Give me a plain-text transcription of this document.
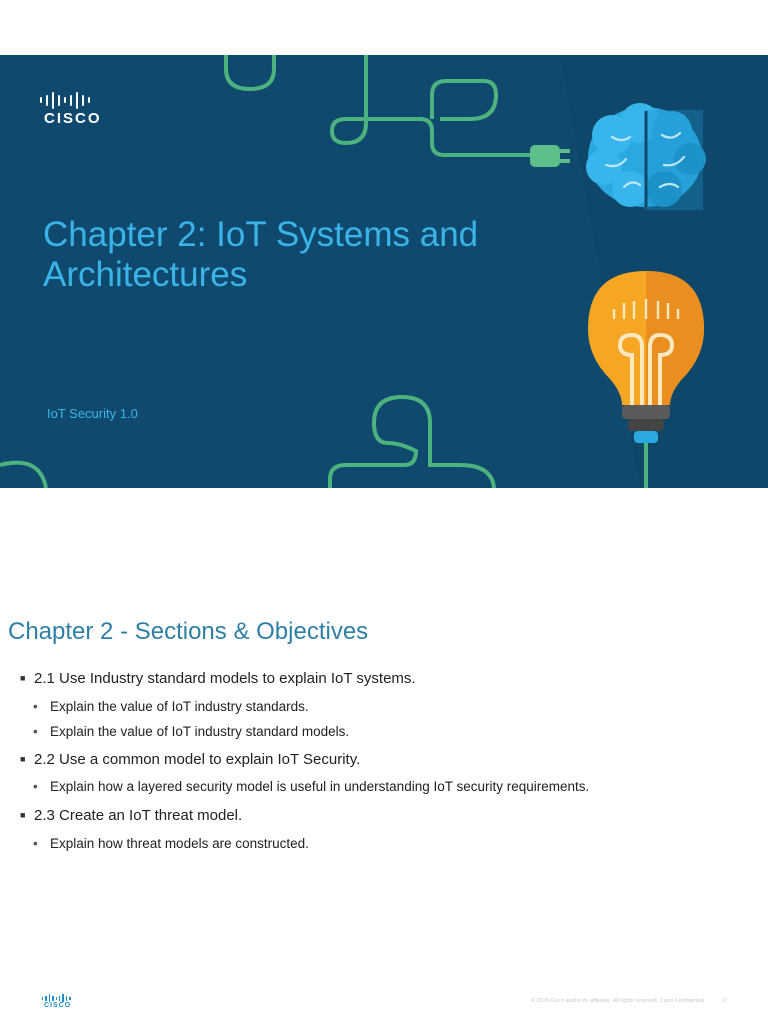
CISCO
Chapter 2: IoT Systems and
Architectures
IoT Security 1.0
Chapter 2 - Sections & Objectives
■ 2.1 Use Industry standard models to explain IoT systems.
• Explain the value of IoT industry standards.
• Explain the value of IoT industry standard models.
■ 2.2 Use a common model to explain IoT Security.
• Explain how a layered security model is useful in understanding IoT security requirements.
■ 2.3 Create an IoT threat model.
• Explain how threat models are constructed.
CISCO
© 2016 Cisco and/or its affiliates. All rights reserved. Cisco Confidential	2
